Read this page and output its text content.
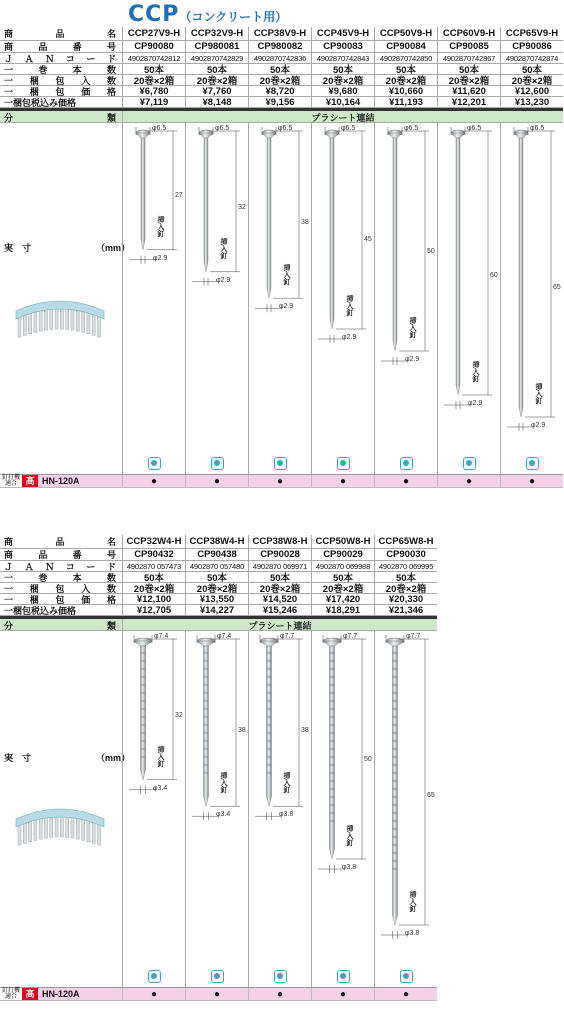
CCP（コンクリート用）
商	品	名	CCP27V9-H	CCP32V9-H	CCP38V9-H	CCP45V9-H	CCP50V9-H	CCP60V9-H	CCP65V9-H
商	品	番	号	CP90080	CP980081	CP980082	CP90083	CP90084	CP90085	CP90086
Ｊ Ａ Ｎ コ ー ド	4902870742812	4902870742829	4902870742836	4902870742843	4902870742850	4902870742867	4902870742874
一	巻	本	数	50本	50本	50本	50本	50本	50本	50本
一 梱 包 入 数	20巻×2箱	20巻×2箱	20巻×2箱	20巻×2箱	20巻×2箱	20巻×2箱	20巻×2箱
一 梱 包 価 格	¥6,780	¥7,760	¥8,720	¥9,680	¥10,660	¥11,620	¥12,600
一梱包税込み価格	¥7,119	¥8,148	¥9,156	¥10,164	¥11,193	¥12,201	¥13,230
分	類	プラシート連結
実　寸	（mm）
φ6.5
27
φ2.9
挿入釘
φ6.5
32
φ2.9
挿入釘
φ6.5
38
φ2.9
挿入釘
φ6.5
45
φ2.9
挿入釘
φ6.5
50
φ2.9
挿入釘
φ6.5
60
φ2.9
挿入釘
φ6.5
65
φ2.9
挿入釘
釘打機適合 高圧
HN-120A	●	●	●	●	●	●	●
商	品	名	CCP32W4-H CCP38W4-H CCP38W8-H CCP50W8-H CCP65W8-H
商	品	番	号	CP90432	CP90438	CP90028	CP90029	CP90030
Ｊ Ａ Ｎ コ ー ド	4902870 057473	4902870 057480	4902870 069971	4902870 069988	4902870 069995
一	巻	本	数	50本	50本	50本	50本	50本
一 梱 包 入 数	20巻×2箱	20巻×2箱	20巻×2箱	20巻×2箱	20巻×2箱
一 梱 包 価 格	¥12,100	¥13,550	¥14,520	¥17,420	¥20,330
一梱包税込み価格	¥12,705	¥14,227	¥15,246	¥18,291	¥21,346
分	類	プラシート連結
実　寸	（mm）
φ7.4
32
φ3.4
挿入釘
φ7.4
38
φ3.4
挿入釘
φ7.7
38
φ3.8
挿入釘
φ7.7
50
φ3.8
挿入釘
φ7.7
65
φ3.8
挿入釘
釘打機適合 高圧
HN-120A	●	●	●	●	●
